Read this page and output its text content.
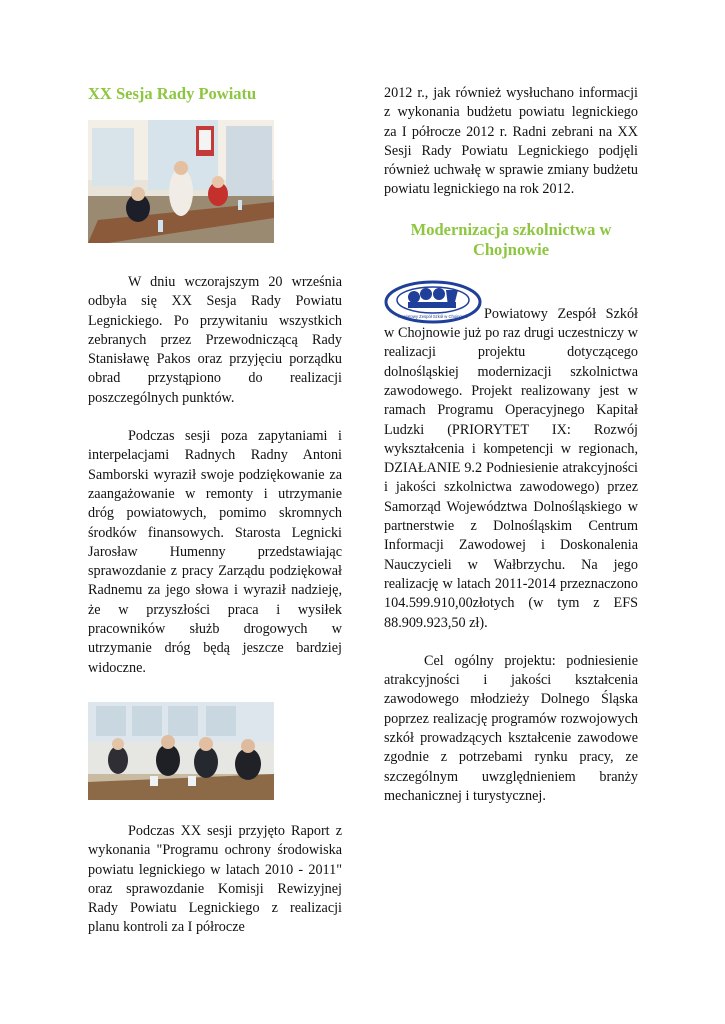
XX Sesja Rady Powiatu

W dniu wczorajszym 20 września odbyła się XX Sesja Rady Powiatu Legnickiego. Po przywitaniu wszystkich zebranych przez Przewodniczącą Rady Stanisławę Pakos oraz przyjęciu porządku obrad przystąpiono do realizacji poszczególnych punktów.

Podczas sesji poza zapytaniami i interpelacjami Radnych Radny Antoni Samborski wyraził swoje podziękowanie za zaangażowanie w remonty i utrzymanie dróg powiatowych, pomimo skromnych środków finansowych. Starosta Legnicki Jarosław Humenny przedstawiając sprawozdanie z pracy Zarządu podziękował Radnemu za jego słowa i wyraził nadzieję, że w przyszłości praca i wysiłek pracowników służb drogowych w utrzymanie dróg będą jeszcze bardziej widoczne.

Podczas XX sesji przyjęto Raport z wykonania "Programu ochrony środowiska powiatu legnickiego w latach 2010 - 2011" oraz sprawozdanie Komisji Rewizyjnej Rady Powiatu Legnickiego z realizacji planu kontroli za I półrocze

2012 r., jak również wysłuchano informacji z wykonania budżetu powiatu legnickiego za I półrocze 2012 r. Radni zebrani na XX Sesji Rady Powiatu Legnickiego podjęli również uchwałę w sprawie zmiany budżetu powiatu legnickiego na rok 2012.

Modernizacja szkolnictwa w Chojnowie
Powiatowy Zespół Szkół w Chojnowie	Powiatowy Zespół Szkół w Chojnowie już po raz drugi uczestniczy w realizacji projektu dotyczącego dolnośląskiej modernizacji szkolnictwa zawodowego. Projekt realizowany jest w ramach Programu Operacyjnego Kapitał Ludzki (PRIORYTET IX: Rozwój wykształcenia i kompetencji w regionach, DZIAŁANIE 9.2 Podniesienie atrakcyjności i jakości szkolnictwa zawodowego) przez Samorząd Województwa Dolnośląskiego w partnerstwie z Dolnośląskim Centrum Informacji Zawodowej i Doskonalenia Nauczycieli w Wałbrzychu. Na jego realizację w latach 2011-2014 przeznaczono 104.599.910,00złotych (w tym z EFS 88.909.923,50 zł).

Cel ogólny projektu: podniesienie atrakcyjności i jakości kształcenia zawodowego młodzieży Dolnego Śląska poprzez realizację programów rozwojowych szkół prowadzących kształcenie zawodowe zgodnie z potrzebami rynku pracy, ze szczególnym uwzględnieniem branży mechanicznej i turystycznej.
